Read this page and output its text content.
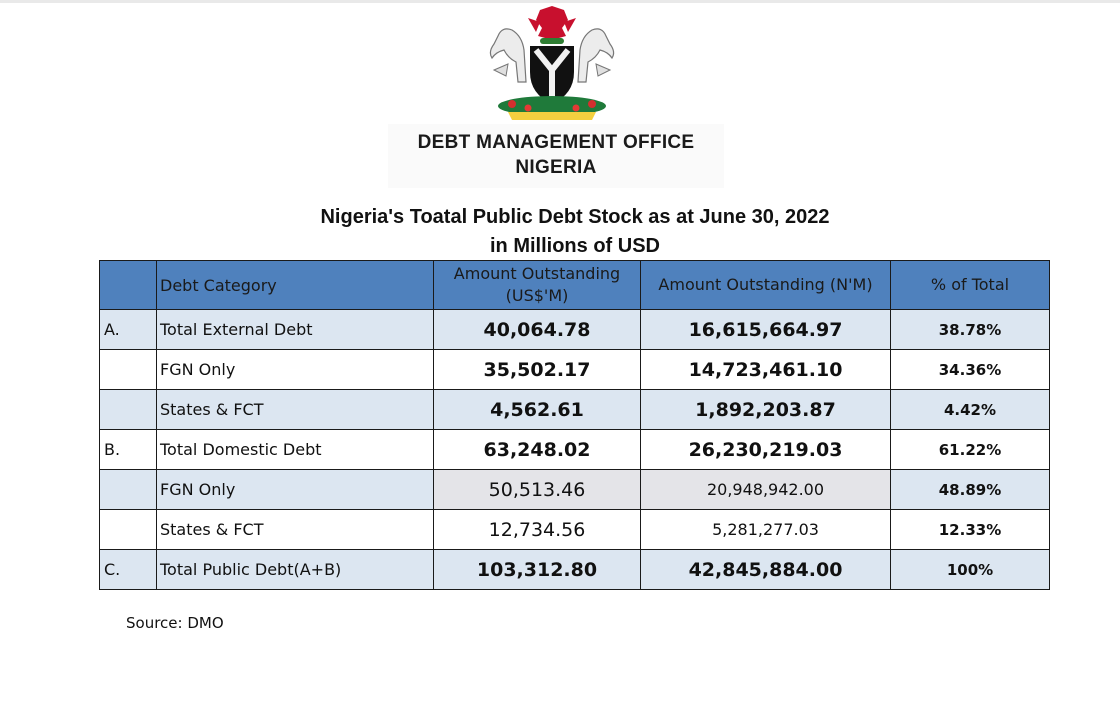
DEBT MANAGEMENT OFFICE
NIGERIA
Nigeria's Toatal Public Debt Stock as at June 30, 2022
in Millions of USD
	Debt Category	Amount Outstanding (US$'M)	Amount Outstanding (N'M)	% of Total
A.	Total External Debt	40,064.78	16,615,664.97	38.78%
	FGN Only	35,502.17	14,723,461.10	34.36%
	States & FCT	4,562.61	1,892,203.87	4.42%
B.	Total Domestic Debt	63,248.02	26,230,219.03	61.22%
	FGN Only	50,513.46	20,948,942.00	48.89%
	States & FCT	12,734.56	5,281,277.03	12.33%
C.	Total Public Debt(A+B)	103,312.80	42,845,884.00	100%
Source: DMO
